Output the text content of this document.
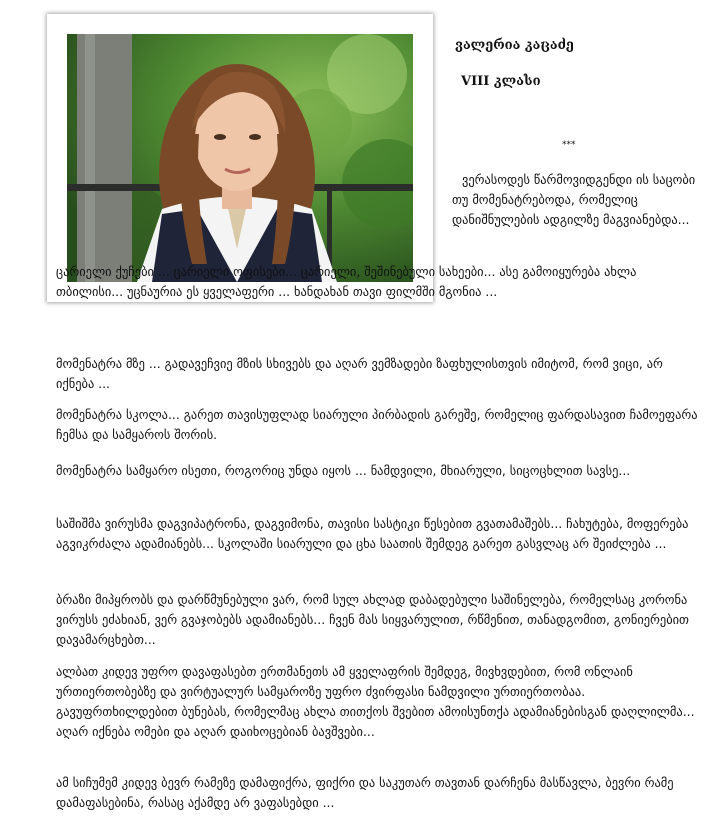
ვალერია კაცაძე
VIII კლასი
***

ვერასოდეს წარმოვიდგენდი ის საცობი თუ მომენატრებოდა, რომელიც დანიშნულების ადგილზე მაგვიანებდა...

ცარიელი ქუჩები ... ცარიელი ოფისები... ცარიელი, შეშინებული სახეები... ასე გამოიყურება ახლა თბილისი... უცნაურია ეს ყველაფერი ... ხანდახან თავი ფილმში მგონია ...

მომენატრა მზე ... გადავეჩვიე მზის სხივებს და აღარ ვემზადები ზაფხულისთვის იმიტომ, რომ ვიცი, არ იქნება ...

მომენატრა სკოლა... გარეთ თავისუფლად სიარული პირბადის გარეშე, რომელიც ფარდასავით ჩამოეფარა ჩემსა და სამყაროს შორის.

მომენატრა სამყარო ისეთი, როგორიც უნდა იყოს ... ნამდვილი, მხიარული, სიცოცხლით სავსე...

საშიშმა ვირუსმა დაგვიპატრონა, დაგვიმონა, თავისი სასტიკი წესებით გვათამაშებს... ჩახუტება, მოფერება აგვიკრძალა ადამიანებს... სკოლაში სიარული და ცხა საათის შემდეგ გარეთ გასვლაც არ შეიძლება ...

ბრაზი მიპყრობს და დარწმუნებული ვარ, რომ სულ ახლად დაბადებული საშინელება, რომელსაც კორონა ვირუსს ეძახიან, ვერ გვაჯობებს ადამიანებს... ჩვენ მას სიყვარულით, რწმენით, თანადგომით, გონიერებით დავამარცხებთ...

ალბათ კიდევ უფრო დავაფასებთ ერთმანეთს ამ ყველაფრის შემდეგ, მივხვდებით, რომ ონლაინ ურთიერთობებზე და ვირტუალურ სამყაროზე უფრო ძვირფასი ნამდვილი ურთიერთობაა. გავუფრთხილდებით ბუნებას, რომელმაც ახლა თითქოს შვებით ამოისუნთქა ადამიანებისგან დაღლილმა... აღარ იქნება ომები და აღარ დაიხოცებიან ბავშვები...

ამ სიჩუმემ კიდევ ბევრ რამეზე დამაფიქრა, ფიქრი და საკუთარ თავთან დარჩენა მასწავლა, ბევრი რამე დამაფასებინა, რასაც აქამდე არ ვაფასებდი ...
